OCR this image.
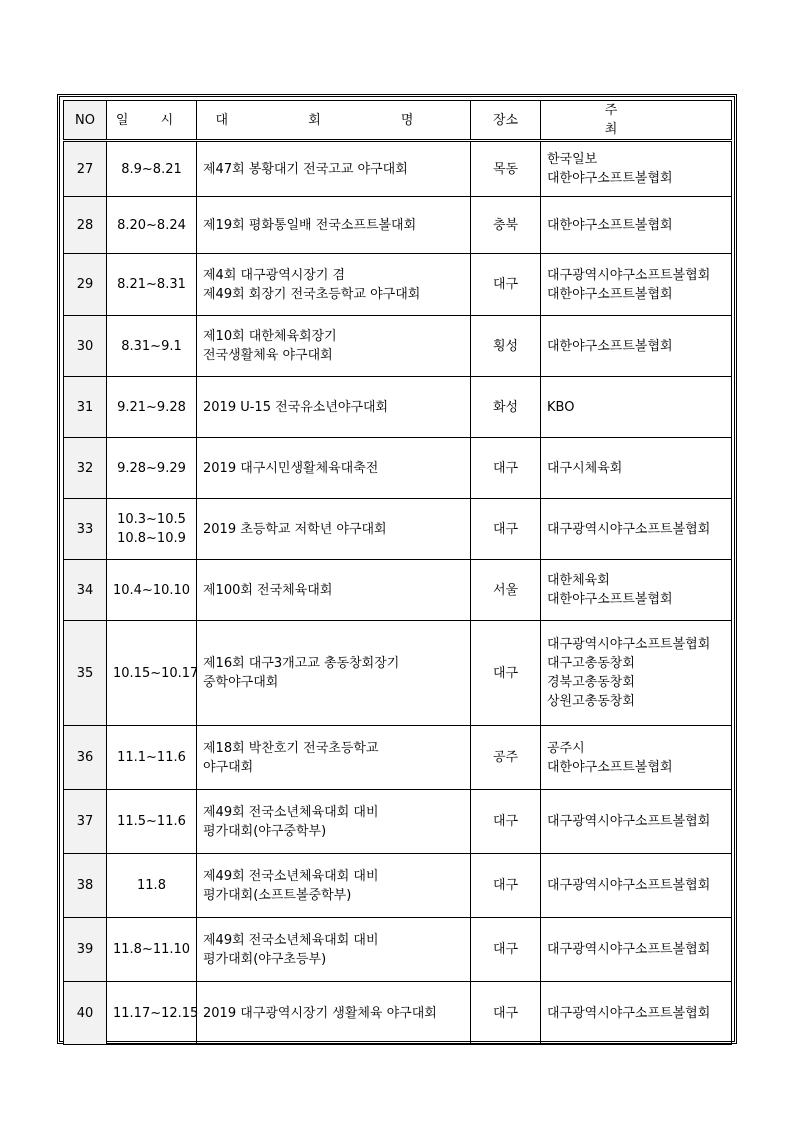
NO	일 시	대 회 명	장소	주 최
27	8.9~8.21	제47회 봉황대기 전국고교 야구대회	목동	한국일보
대한야구소프트볼협회

28	8.20~8.24	제19회 평화통일배 전국소프트볼대회	충북	대한야구소프트볼협회

29	8.21~8.31	제4회 대구광역시장기 겸
제49회 회장기 전국초등학교 야구대회	대구	대구광역시야구소프트볼협회
대한야구소프트볼협회

30	8.31~9.1	제10회 대한체육회장기
전국생활체육 야구대회	횡성	대한야구소프트볼협회

31	9.21~9.28	2019 U-15 전국유소년야구대회	화성	KBO

32	9.28~9.29	2019 대구시민생활체육대축전	대구	대구시체육회

33	10.3~10.5
10.8~10.9	2019 초등학교 저학년 야구대회	대구	대구광역시야구소프트볼협회

34	10.4~10.10	제100회 전국체육대회	서울	대한체육회
대한야구소프트볼협회

35	10.15~10.17	제16회 대구3개고교 총동창회장기
중학야구대회	대구	대구광역시야구소프트볼협회
대구고총동창회
경북고총동창회
상원고총동창회

36	11.1~11.6	제18회 박찬호기 전국초등학교
야구대회	공주	공주시
대한야구소프트볼협회

37	11.5~11.6	제49회 전국소년체육대회 대비
평가대회(야구중학부)	대구	대구광역시야구소프트볼협회

38	11.8	제49회 전국소년체육대회 대비
평가대회(소프트볼중학부)	대구	대구광역시야구소프트볼협회

39	11.8~11.10	제49회 전국소년체육대회 대비
평가대회(야구초등부)	대구	대구광역시야구소프트볼협회

40	11.17~12.15	2019 대구광역시장기 생활체육 야구대회	대구	대구광역시야구소프트볼협회
